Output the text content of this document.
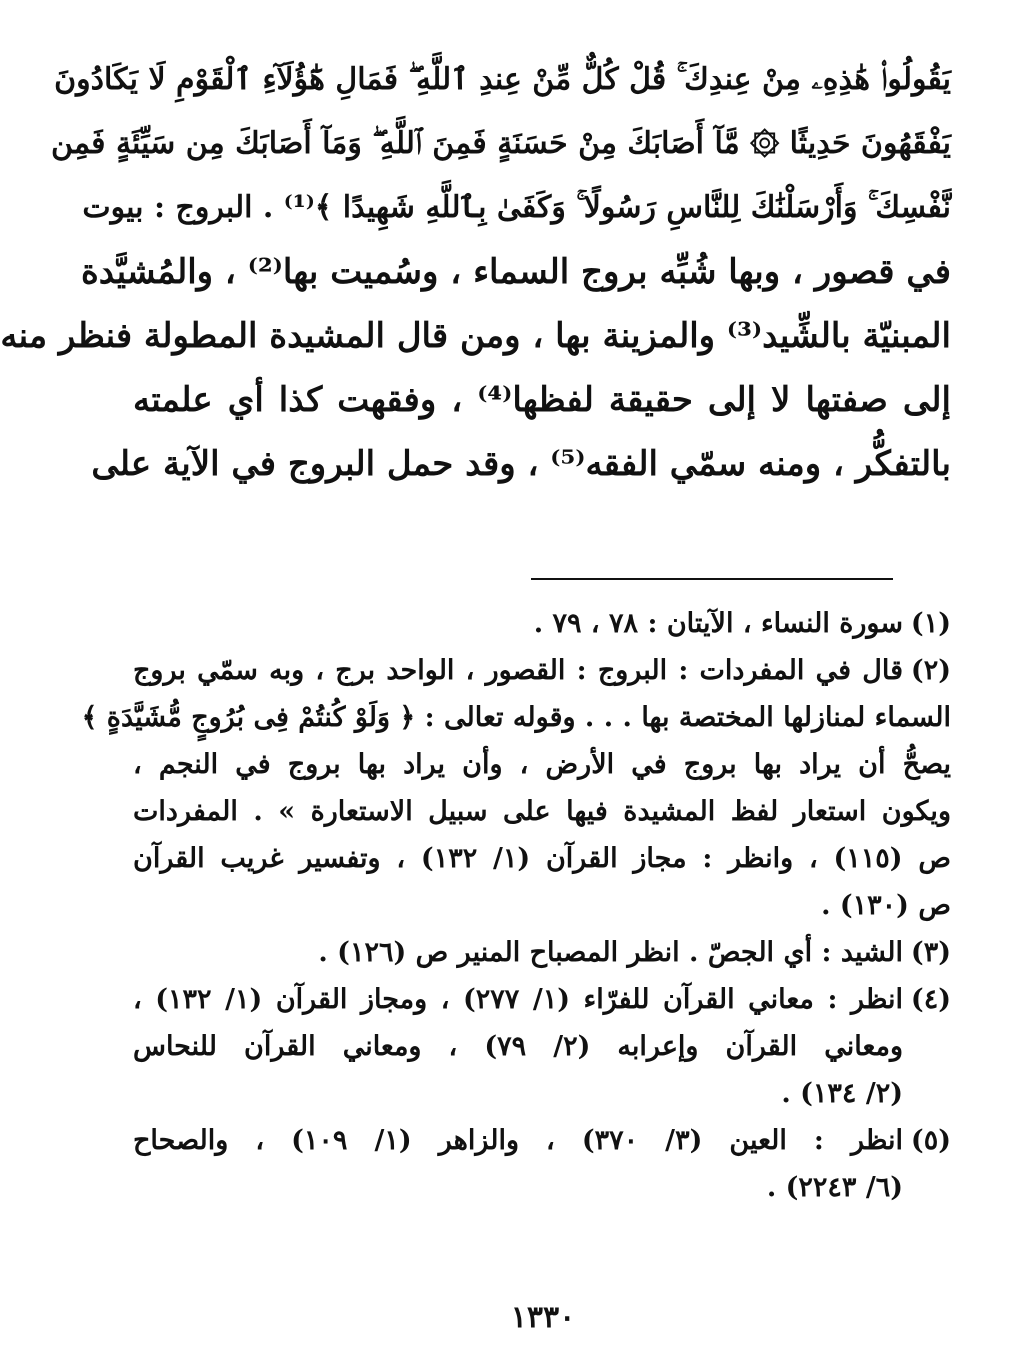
يَقُولُوا۟ هَٰذِهِۦ مِنْ عِندِكَ ۚ قُلْ كُلٌّ مِّنْ عِندِ ٱللَّهِ ۖ فَمَالِ هَٰٓؤُلَآءِ ٱلْقَوْمِ لَا يَكَادُونَ
يَفْقَهُونَ حَدِيثًا ۞ مَّآ أَصَابَكَ مِنْ حَسَنَةٍ فَمِنَ ٱللَّهِ ۖ وَمَآ أَصَابَكَ مِن سَيِّئَةٍ فَمِن
نَّفْسِكَ ۚ وَأَرْسَلْنَٰكَ لِلنَّاسِ رَسُولًا ۚ وَكَفَىٰ بِٱللَّهِ شَهِيدًا ﴾⁽¹⁾ . البروج : بيوت
في قصور ، وبها شُبِّه بروج السماء ، وسُميت بها⁽²⁾ ، والمُشيَّدة
المبنيّة بالشِّيد⁽³⁾ والمزينة بها ، ومن قال المشيدة المطولة فنظر منه
إلى صفتها لا إلى حقيقة لفظها⁽⁴⁾ ، وفقهت كذا أي علمته
بالتفكُّر ، ومنه سمّي الفقه⁽⁵⁾ ، وقد حمل البروج في الآية على
(١)
سورة النساء ، الآيتان : ٧٨ ، ٧٩ .
(٢)
قال في المفردات : البروج : القصور ، الواحد برج ، وبه سمّي بروج
السماء لمنازلها المختصة بها . . . وقوله تعالى : ﴿ وَلَوْ كُنتُمْ فِى بُرُوجٍ مُّشَيَّدَةٍ ﴾
يصحُّ أن يراد بها بروج في الأرض ، وأن يراد بها بروج في النجم ،
ويكون استعار لفظ المشيدة فيها على سبيل الاستعارة » . المفردات
ص (١١٥) ، وانظر : مجاز القرآن (١/ ١٣٢) ، وتفسير غريب القرآن
ص (١٣٠) .
(٣)
الشيد : أي الجصّ . انظر المصباح المنير ص (١٢٦) .
(٤)
انظر : معاني القرآن للفرّاء (١/ ٢٧٧) ، ومجاز القرآن (١/ ١٣٢) ،
ومعاني القرآن وإعرابه (٢/ ٧٩) ، ومعاني القرآن للنحاس
(٢/ ١٣٤) .
(٥)
انظر : العين (٣/ ٣٧٠) ، والزاهر (١/ ١٠٩) ، والصحاح
(٦/ ٢٢٤٣) .
١٣٣٠
